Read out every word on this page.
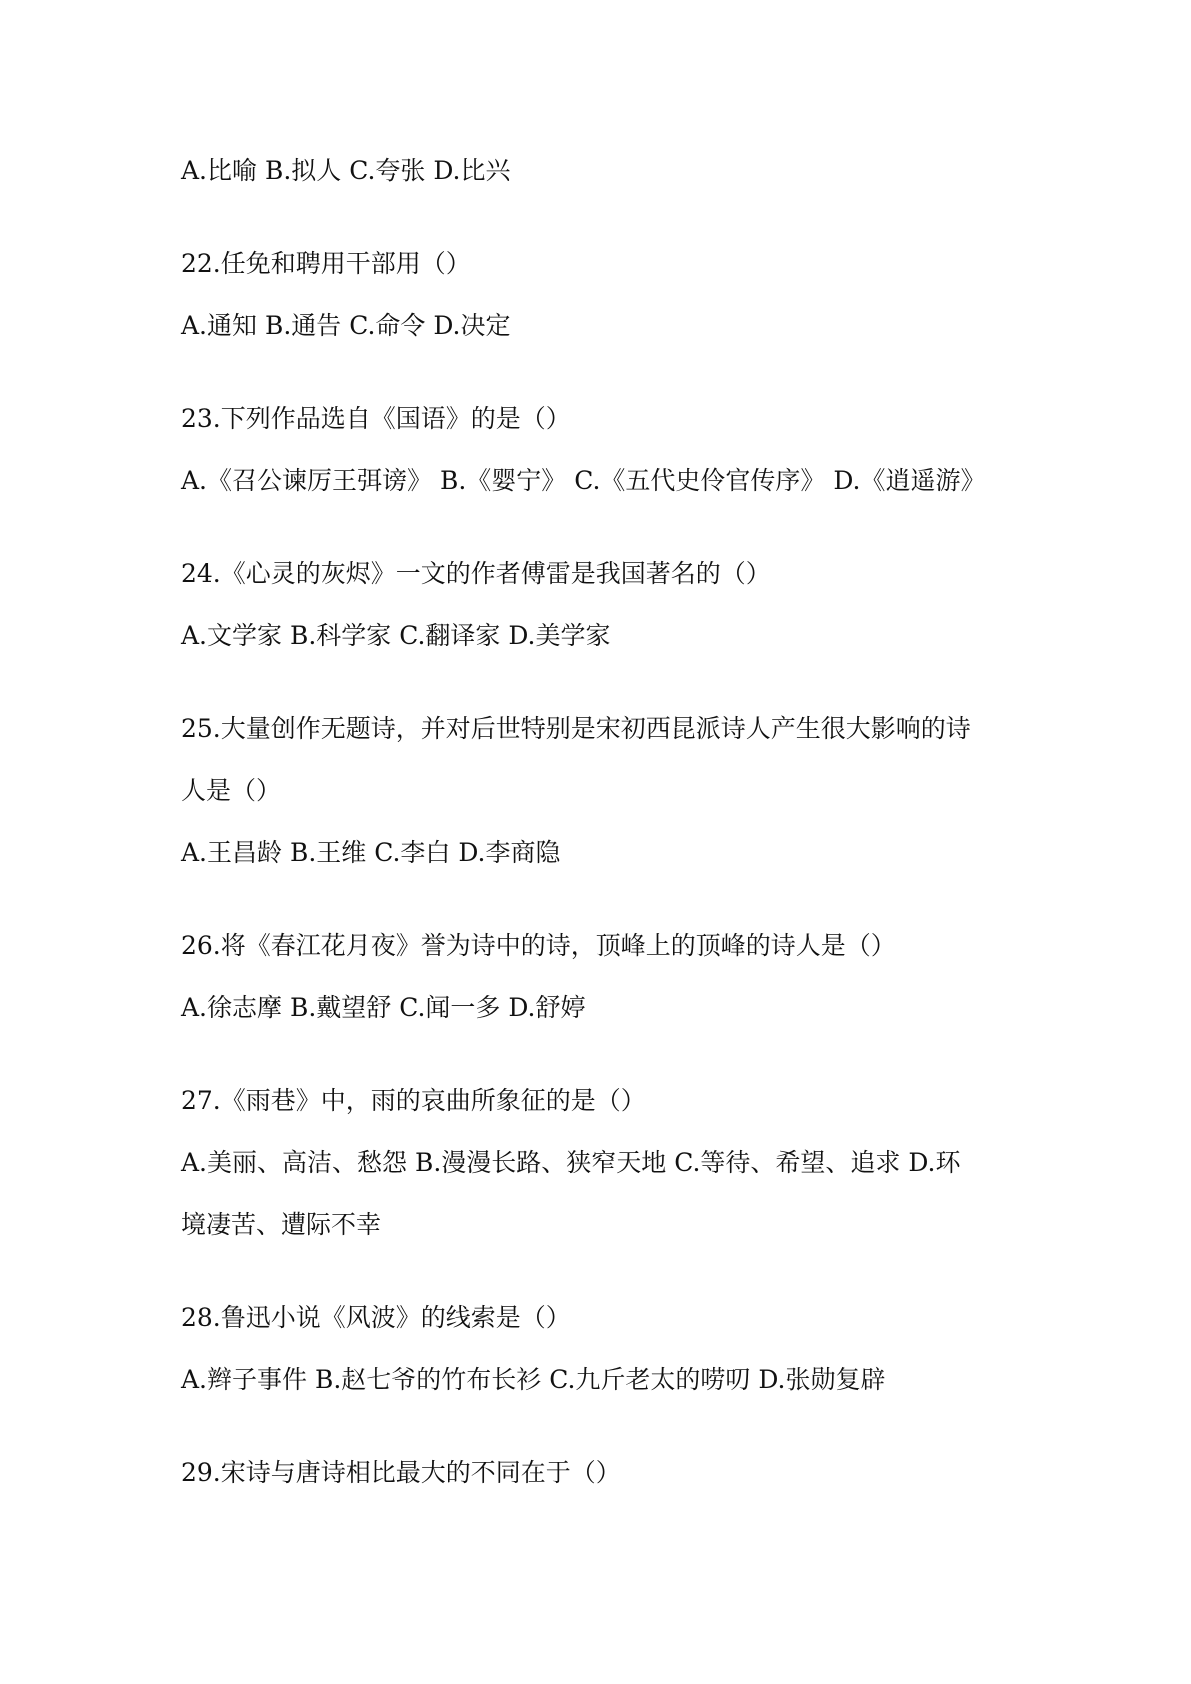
A.比喻 B.拟人 C.夸张 D.比兴
22.任免和聘用干部用（）
A.通知 B.通告 C.命令 D.决定
23.下列作品选自《国语》的是（）
A.《召公谏厉王弭谤》 B.《婴宁》 C.《五代史伶官传序》 D.《逍遥游》
24.《心灵的灰烬》一文的作者傅雷是我国著名的（）
A.文学家 B.科学家 C.翻译家 D.美学家
25.大量创作无题诗，并对后世特别是宋初西昆派诗人产生很大影响的诗
人是（）
A.王昌龄 B.王维 C.李白 D.李商隐
26.将《春江花月夜》誉为诗中的诗，顶峰上的顶峰的诗人是（）
A.徐志摩 B.戴望舒 C.闻一多 D.舒婷
27.《雨巷》中，雨的哀曲所象征的是（）
A.美丽、高洁、愁怨 B.漫漫长路、狭窄天地 C.等待、希望、追求 D.环
境凄苦、遭际不幸
28.鲁迅小说《风波》的线索是（）
A.辫子事件 B.赵七爷的竹布长衫 C.九斤老太的唠叨 D.张勋复辟
29.宋诗与唐诗相比最大的不同在于（）
